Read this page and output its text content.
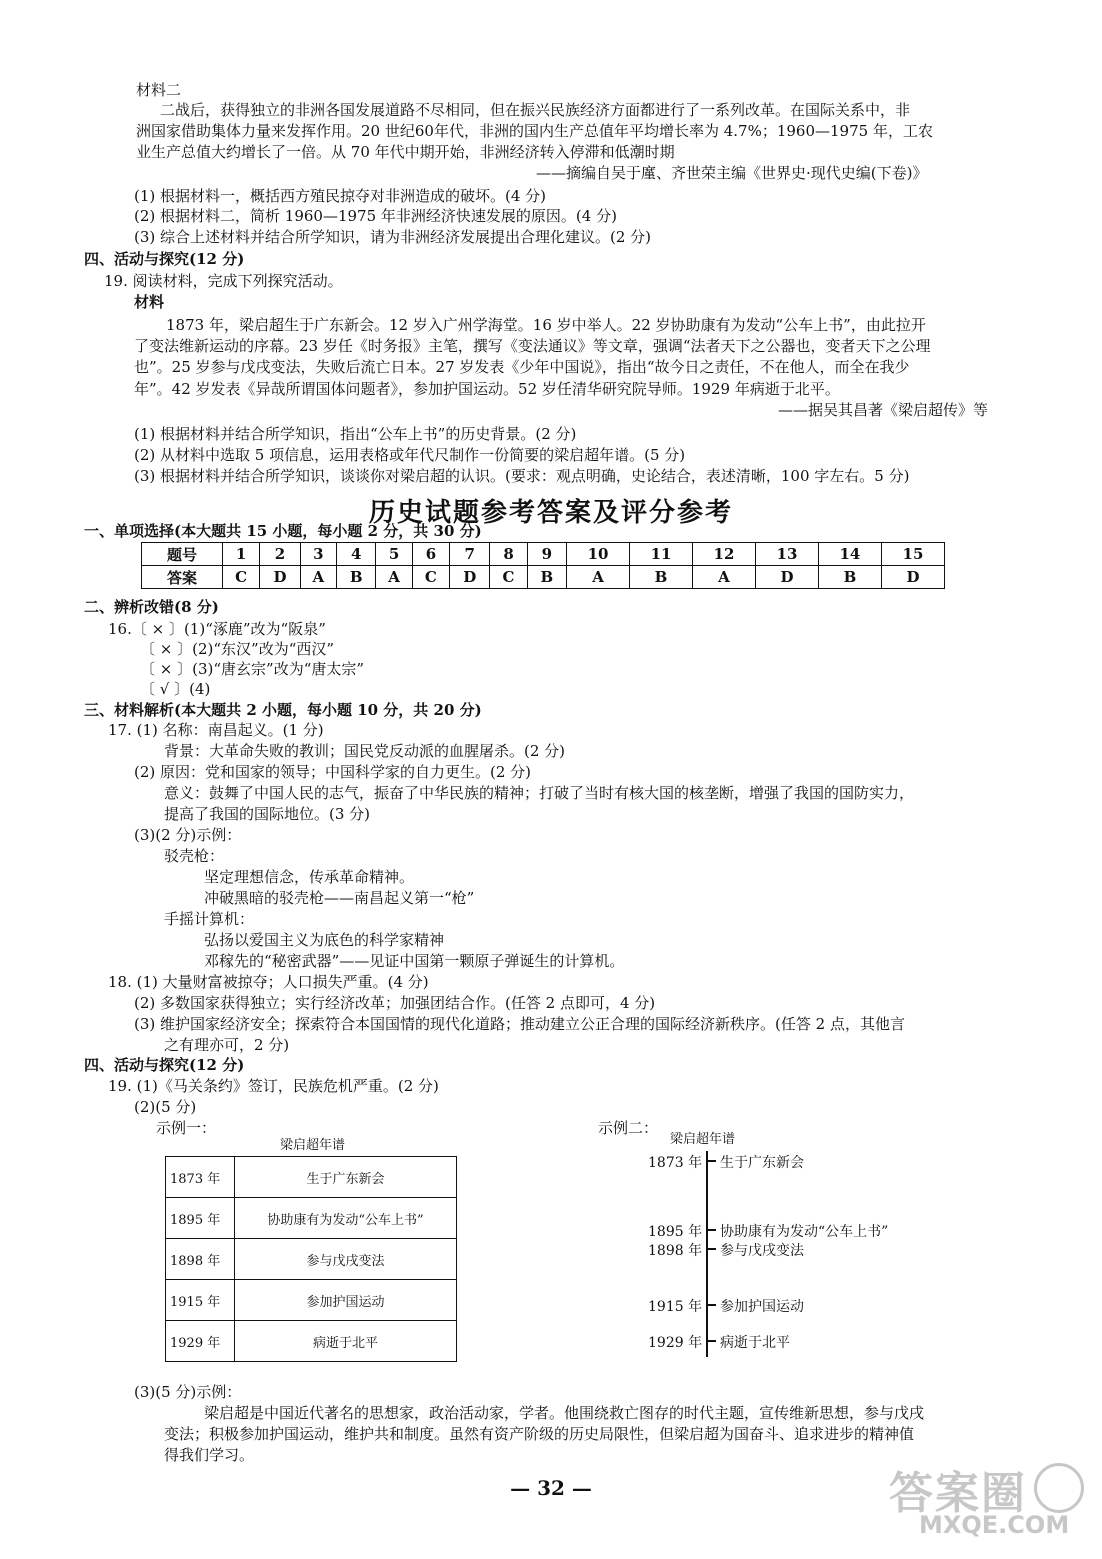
材料二
二战后，获得独立的非洲各国发展道路不尽相同，但在振兴民族经济方面都进行了一系列改革。在国际关系中，非
洲国家借助集体力量来发挥作用。20 世纪60年代，非洲的国内生产总值年平均增长率为 4.7%；1960—1975 年，工农
业生产总值大约增长了一倍。从 70 年代中期开始，非洲经济转入停滞和低潮时期
——摘编自吴于廑、齐世荣主编《世界史·现代史编(下卷)》
(1) 根据材料一，概括西方殖民掠夺对非洲造成的破坏。(4 分)
(2) 根据材料二，简析 1960—1975 年非洲经济快速发展的原因。(4 分)
(3) 综合上述材料并结合所学知识，请为非洲经济发展提出合理化建议。(2 分)
四、活动与探究(12 分)
19. 阅读材料，完成下列探究活动。
材料
1873 年，梁启超生于广东新会。12 岁入广州学海堂。16 岁中举人。22 岁协助康有为发动“公车上书”，由此拉开
了变法维新运动的序幕。23 岁任《时务报》主笔，撰写《变法通议》等文章，强调“法者天下之公器也，变者天下之公理
也”。25 岁参与戊戌变法，失败后流亡日本。27 岁发表《少年中国说》，指出“故今日之责任，不在他人，而全在我少
年”。42 岁发表《异哉所谓国体问题者》，参加护国运动。52 岁任清华研究院导师。1929 年病逝于北平。
——据吴其昌著《梁启超传》等
(1) 根据材料并结合所学知识，指出“公车上书”的历史背景。(2 分)
(2) 从材料中选取 5 项信息，运用表格或年代尺制作一份简要的梁启超年谱。(5 分)
(3) 根据材料并结合所学知识，谈谈你对梁启超的认识。(要求：观点明确，史论结合，表述清晰，100 字左右。5 分)
历史试题参考答案及评分参考
一、单项选择(本大题共 15 小题，每小题 2 分，共 30 分)
题号	1	2	3	4	5	6	7	8	9	10	11	12	13	14	15
答案	C	D	A	B	A	C	D	C	B	A	B	A	D	B	D
二、辨析改错(8 分)
16.〔 × 〕(1)“涿鹿”改为“阪泉”
〔 × 〕(2)“东汉”改为“西汉”
〔 × 〕(3)“唐玄宗”改为“唐太宗”
〔 √ 〕(4)
三、材料解析(本大题共 2 小题，每小题 10 分，共 20 分)
17. (1) 名称：南昌起义。(1 分)
背景：大革命失败的教训；国民党反动派的血腥屠杀。(2 分)
(2) 原因：党和国家的领导；中国科学家的自力更生。(2 分)
意义：鼓舞了中国人民的志气，振奋了中华民族的精神；打破了当时有核大国的核垄断，增强了我国的国防实力，
提高了我国的国际地位。(3 分)
(3)(2 分)示例：
驳壳枪：
坚定理想信念，传承革命精神。
冲破黑暗的驳壳枪——南昌起义第一“枪”
手摇计算机：
弘扬以爱国主义为底色的科学家精神
邓稼先的“秘密武器”——见证中国第一颗原子弹诞生的计算机。
18. (1) 大量财富被掠夺；人口损失严重。(4 分)
(2) 多数国家获得独立；实行经济改革；加强团结合作。(任答 2 点即可，4 分)
(3) 维护国家经济安全；探索符合本国国情的现代化道路；推动建立公正合理的国际经济新秩序。(任答 2 点，其他言
之有理亦可，2 分)
四、活动与探究(12 分)
19. (1)《马关条约》签订，民族危机严重。(2 分)
(2)(5 分)
示例一：	示例二：
梁启超年谱
1873 年	生于广东新会
1895 年	协助康有为发动“公车上书”
1898 年	参与戊戌变法
1915 年	参加护国运动
1929 年	病逝于北平
梁启超年谱
1873 年 生于广东新会
1895 年 协助康有为发动“公车上书”
1898 年 参与戊戌变法
1915 年 参加护国运动
1929 年 病逝于北平
(3)(5 分)示例：
梁启超是中国近代著名的思想家，政治活动家，学者。他围绕救亡图存的时代主题，宣传维新思想，参与戊戌
变法；积极参加护国运动，维护共和制度。虽然有资产阶级的历史局限性，但梁启超为国奋斗、追求进步的精神值
得我们学习。
— 32 —	答案圈
MXQE.COM
